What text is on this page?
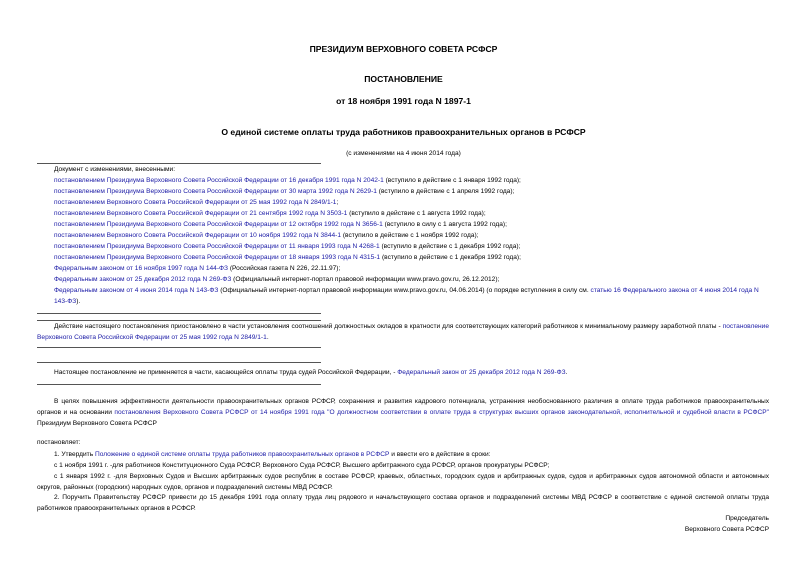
ПРЕЗИДИУМ ВЕРХОВНОГО СОВЕТА РСФСР
ПОСТАНОВЛЕНИЕ
от 18 ноября 1991 года N 1897-1
О единой системе оплаты труда работников правоохранительных органов в РСФСР
(с изменениями на 4 июня 2014 года)
Документ с изменениями, внесенными:
постановлением Президиума Верховного Совета Российской Федерации от 16 декабря 1991 года N 2042-1 (вступило в действие с 1 января 1992 года);
постановлением Президиума Верховного Совета Российской Федерации от 30 марта 1992 года N 2629-1 (вступило в действие с 1 апреля 1992 года);
постановлением Верховного Совета Российской Федерации от 25 мая 1992 года N 2849/1-1;
постановлением Верховного Совета Российской Федерации от 21 сентября 1992 года N 3503-1 (вступило в действие с 1 августа 1992 года);
постановлением Президиума Верховного Совета Российской Федерации от 12 октября 1992 года N 3656-1 (вступило в силу с 1 августа 1992 года);
постановлением Верховного Совета Российской Федерации от 10 ноября 1992 года N 3844-1 (вступило в действие с 1 ноября 1992 года);
постановлением Президиума Верховного Совета Российской Федерации от 11 января 1993 года N 4268-1 (вступило в действие с 1 декабря 1992 года);
постановлением Президиума Верховного Совета Российской Федерации от 18 января 1993 года N 4315-1 (вступило в действие с 1 декабря 1992 года);
Федеральным законом от 16 ноября 1997 года N 144-ФЗ (Российская газета N 226, 22.11.97);
Федеральным законом от 25 декабря 2012 года N 269-ФЗ (Официальный интернет-портал правовой информации www.pravo.gov.ru, 26.12.2012);
Федеральным законом от 4 июня 2014 года N 143-ФЗ (Официальный интернет-портал правовой информации www.pravo.gov.ru, 04.06.2014) (о порядке вступления в силу см. статью 16 Федерального закона от 4 июня 2014 года N 143-ФЗ).
Действие настоящего постановления приостановлено в части установления соотношений должностных окладов в кратности для соответствующих категорий работников к минимальному размеру заработной платы - постановление Верховного Совета Российской Федерации от 25 мая 1992 года N 2849/1-1.
Настоящее постановление не применяется в части, касающейся оплаты труда судей Российской Федерации, - Федеральный закон от 25 декабря 2012 года N 269-ФЗ.
В целях повышения эффективности деятельности правоохранительных органов РСФСР, сохранения и развития кадрового потенциала, устранения необоснованного различия в оплате труда работников правоохранительных органов и на основании постановления Верховного Совета РСФСР от 14 ноября 1991 года "О должностном соответствии в оплате труда в структурах высших органов законодательной, исполнительной и судебной власти в РСФСР" Президиум Верховного Совета РСФСР
постановляет:
1. Утвердить Положение о единой системе оплаты труда работников правоохранительных органов в РСФСР и ввести его в действие в сроки:
с 1 ноября 1991 г. -для работников Конституционного Суда РСФСР, Верховного Суда РСФСР, Высшего арбитражного суда РСФСР, органов прокуратуры РСФСР;
с 1 января 1992 г. -для Верховных Судов и Высших арбитражных судов республик в составе РСФСР, краевых, областных, городских судов и арбитражных судов, судов и арбитражных судов автономной области и автономных округов, районных (городских) народных судов, органов и подразделений системы МВД РСФСР.
2. Поручить Правительству РСФСР привести до 15 декабря 1991 года оплату труда лиц рядового и начальствующего состава органов и подразделений системы МВД РСФСР в соответствие с единой системой оплаты труда работников правоохранительных органов в РСФСР.
Председатель
Верховного Совета РСФСР
